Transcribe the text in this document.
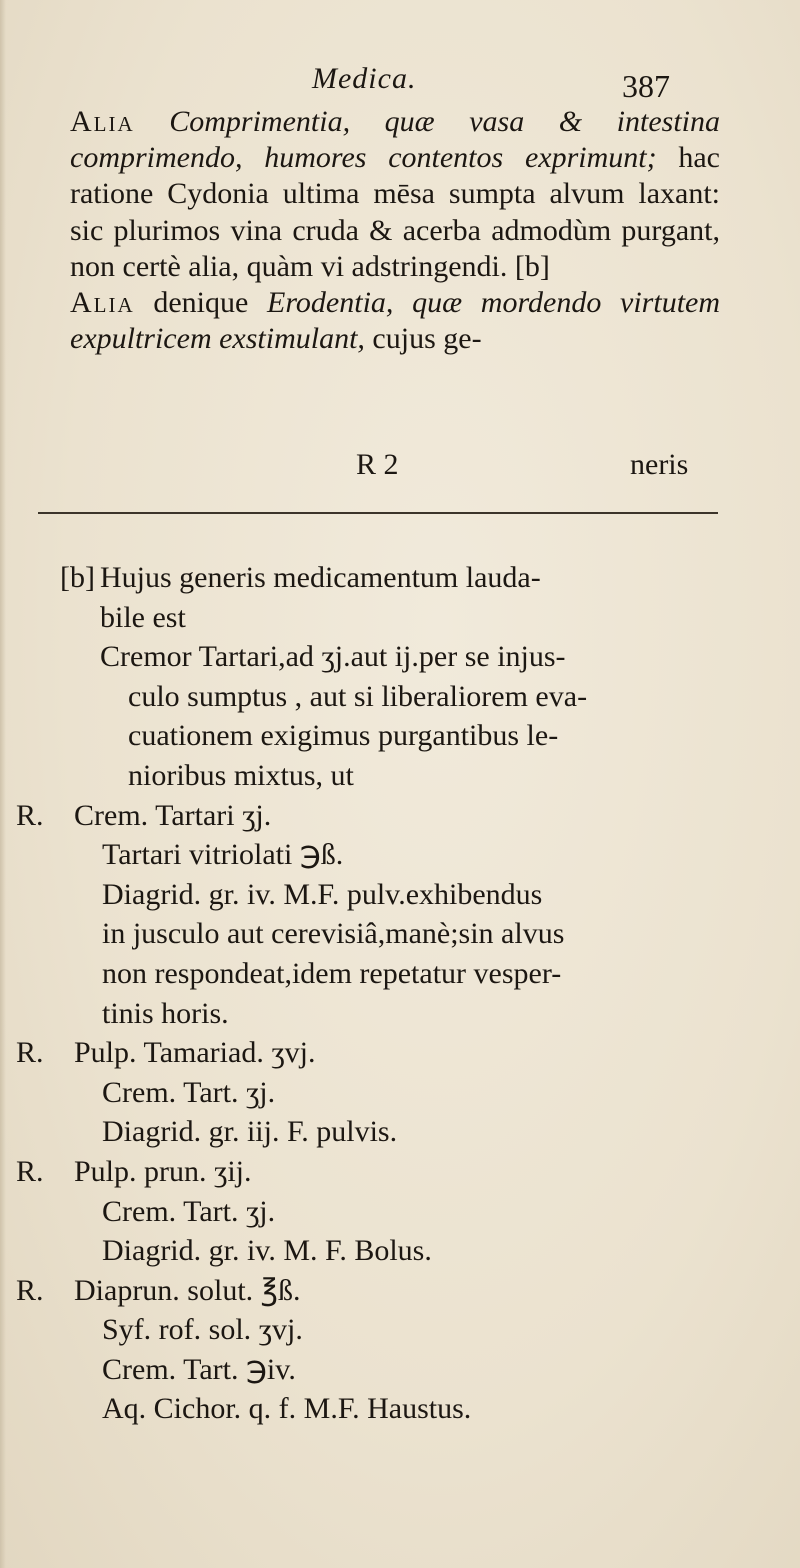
Medica.	387

Alia Comprimentia, quæ vasa & intestina comprimendo, humores contentos exprimunt; hac ratione Cydonia ultima mēsa sumpta alvum laxant: sic plurimos vina cruda & acerba admodùm purgant, non certè alia, quàm vi adstringendi. [b]

Alia denique Erodentia, quæ mordendo virtutem expultricem exstimulant, cujus ge-

R 2	neris
[b] Hujus generis medicamentum lauda-
bile est
Cremor Tartari,ad ʒj.aut ij.per se injus-
culo sumptus , aut si liberaliorem eva-
cuationem exigimus purgantibus le-
nioribus mixtus, ut
R. Crem. Tartari ʒj.
Tartari vitriolati ℈ß.
Diagrid. gr. iv. M.F. pulv.exhibendus
in jusculo aut cerevisiâ,manè;sin alvus
non respondeat,idem repetatur vesper-
tinis horis.
R. Pulp. Tamariad. ʒvj.
Crem. Tart. ʒj.
Diagrid. gr. iij. F. pulvis.
R. Pulp. prun. ʒij.
Crem. Tart. ʒj.
Diagrid. gr. iv. M. F. Bolus.
R. Diaprun. solut. ℥ß.
Syf. rof. sol. ʒvj.
Crem. Tart. ℈iv.
Aq. Cichor. q. f. M.F. Haustus.
